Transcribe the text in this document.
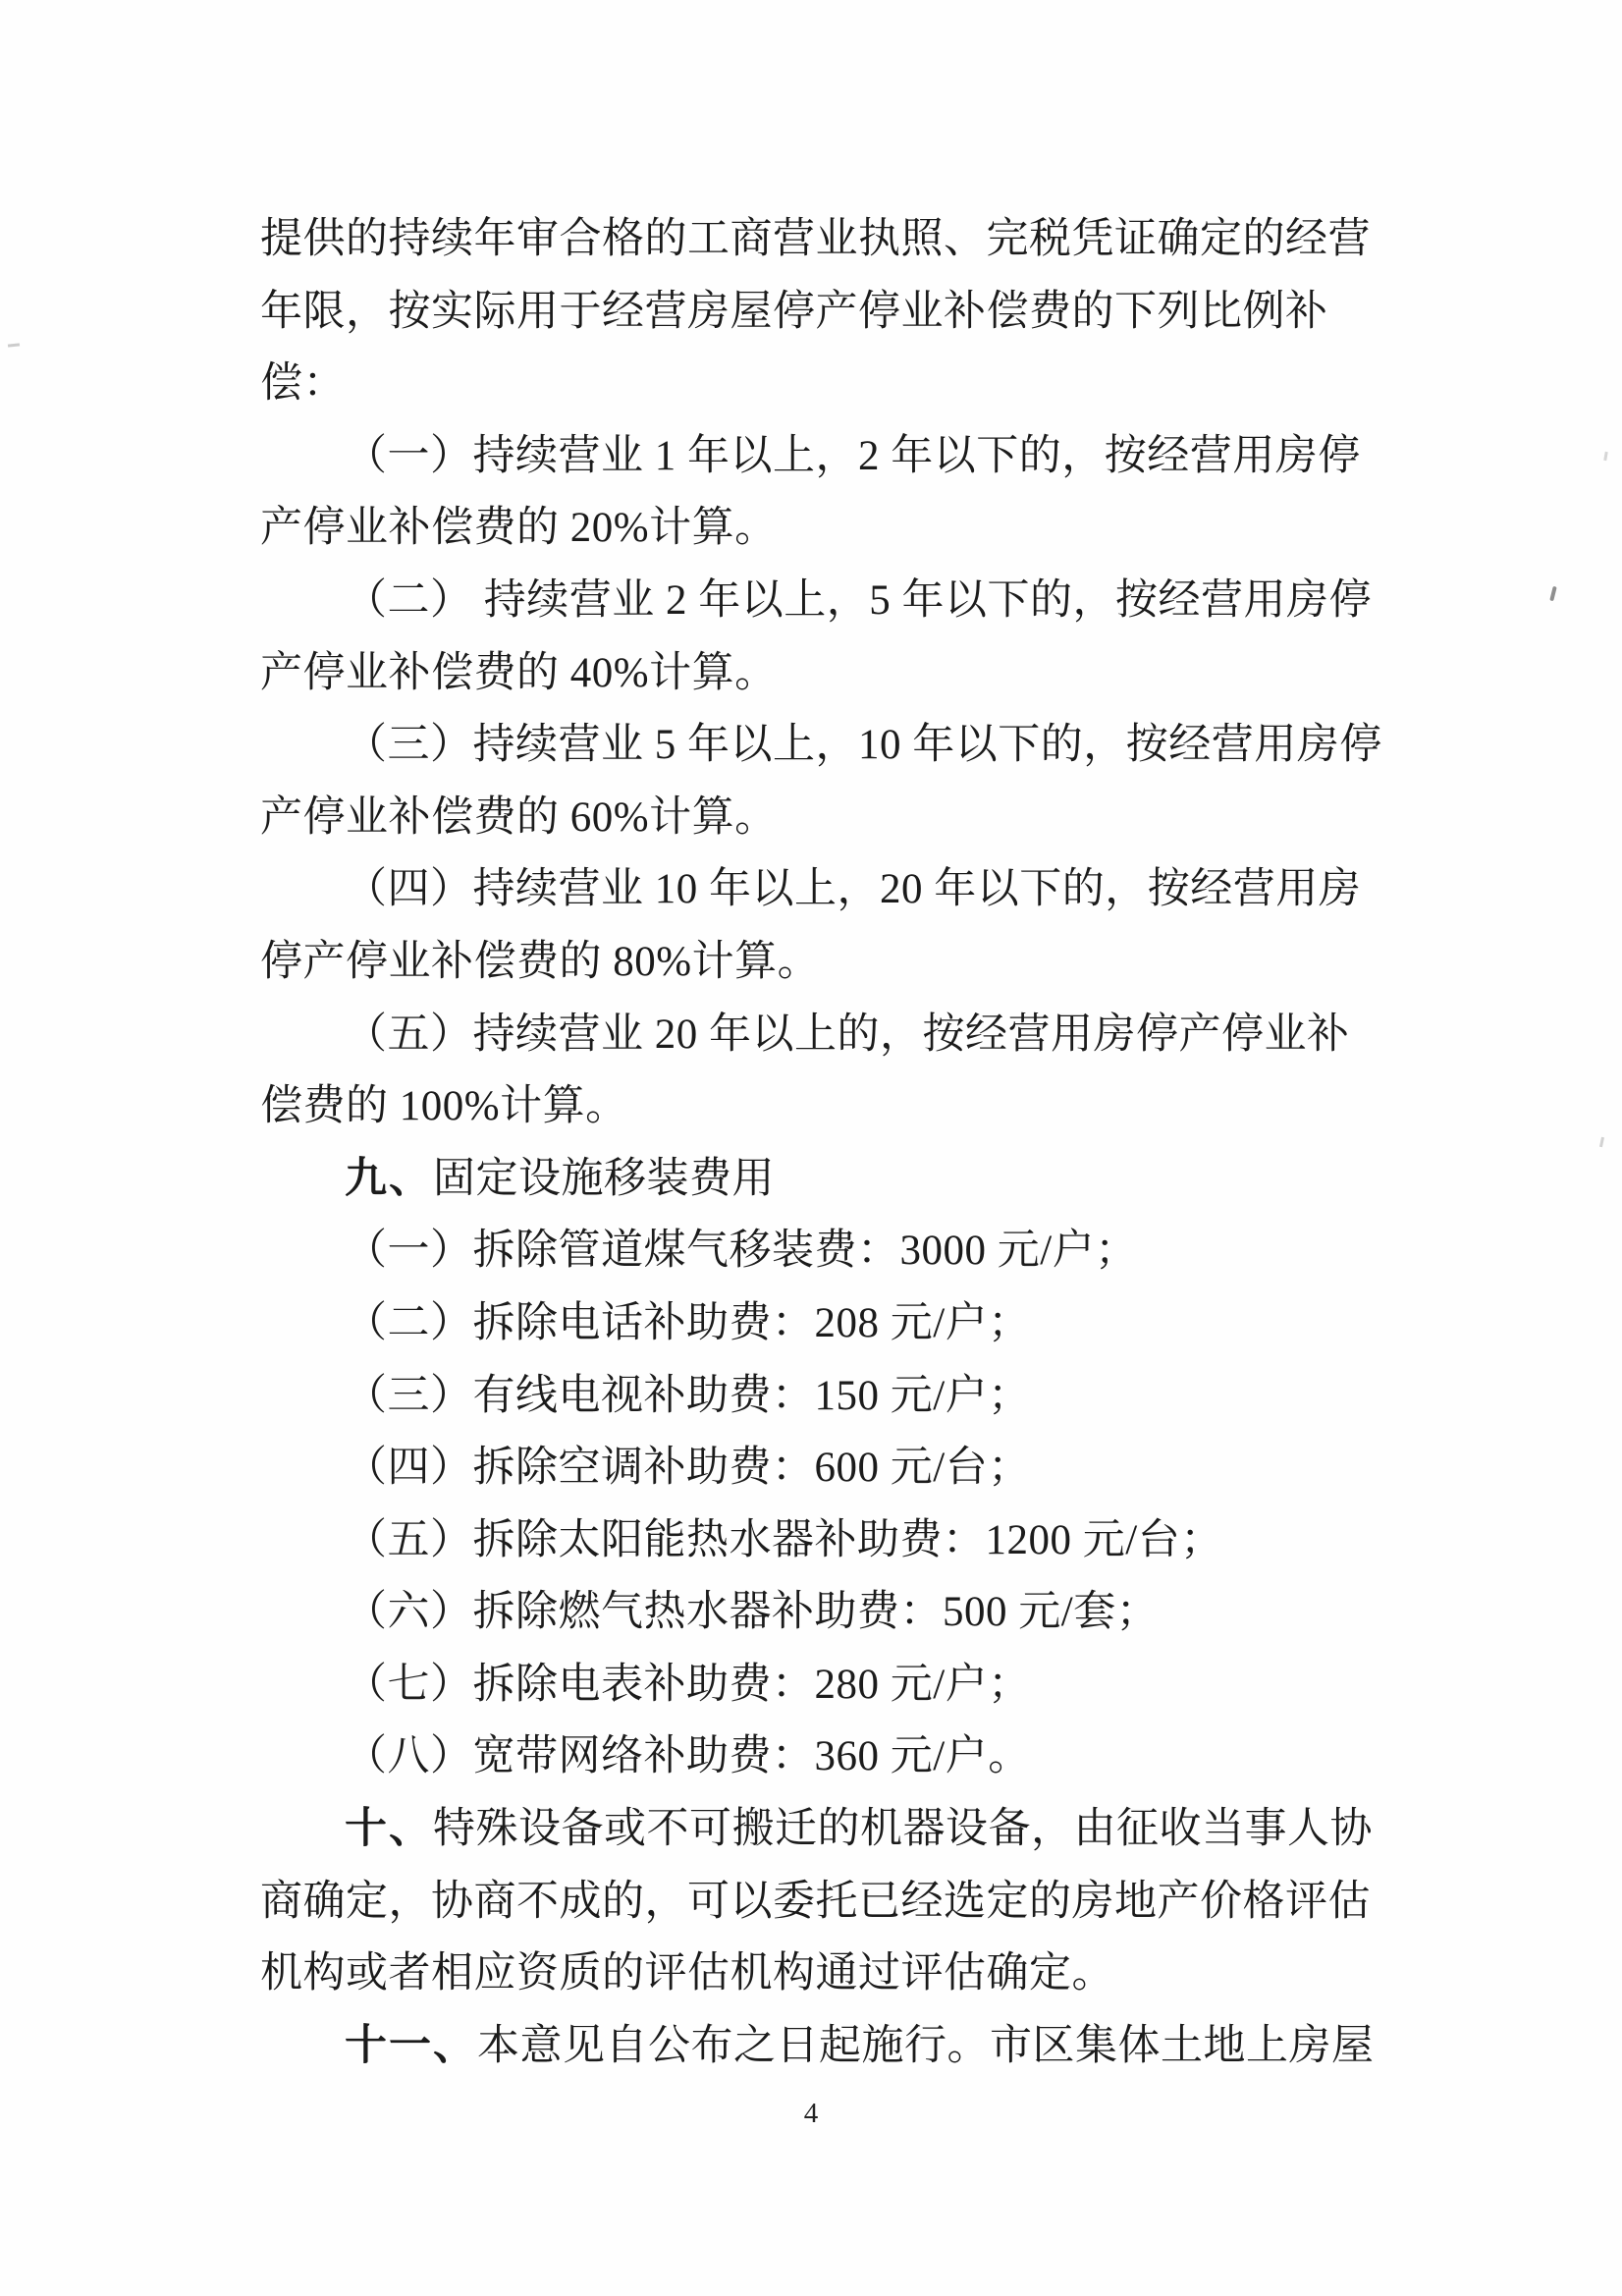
提供的持续年审合格的工商营业执照、完税凭证确定的经营
年限，按实际用于经营房屋停产停业补偿费的下列比例补
偿：
（一）持续营业 1 年以上，2 年以下的，按经营用房停
产停业补偿费的 20%计算。
（二） 持续营业 2 年以上，5 年以下的，按经营用房停
产停业补偿费的 40%计算。
（三）持续营业 5 年以上，10 年以下的，按经营用房停
产停业补偿费的 60%计算。
（四）持续营业 10 年以上，20 年以下的，按经营用房
停产停业补偿费的 80%计算。
（五）持续营业 20 年以上的，按经营用房停产停业补
偿费的 100%计算。
九、固定设施移装费用
（一）拆除管道煤气移装费：3000 元/户；
（二）拆除电话补助费：208 元/户；
（三）有线电视补助费：150 元/户；
（四）拆除空调补助费：600 元/台；
（五）拆除太阳能热水器补助费：1200 元/台；
（六）拆除燃气热水器补助费：500 元/套；
（七）拆除电表补助费：280 元/户；
（八）宽带网络补助费：360 元/户。
十、特殊设备或不可搬迁的机器设备，由征收当事人协
商确定，协商不成的，可以委托已经选定的房地产价格评估
机构或者相应资质的评估机构通过评估确定。
十一、本意见自公布之日起施行。市区集体土地上房屋
4
